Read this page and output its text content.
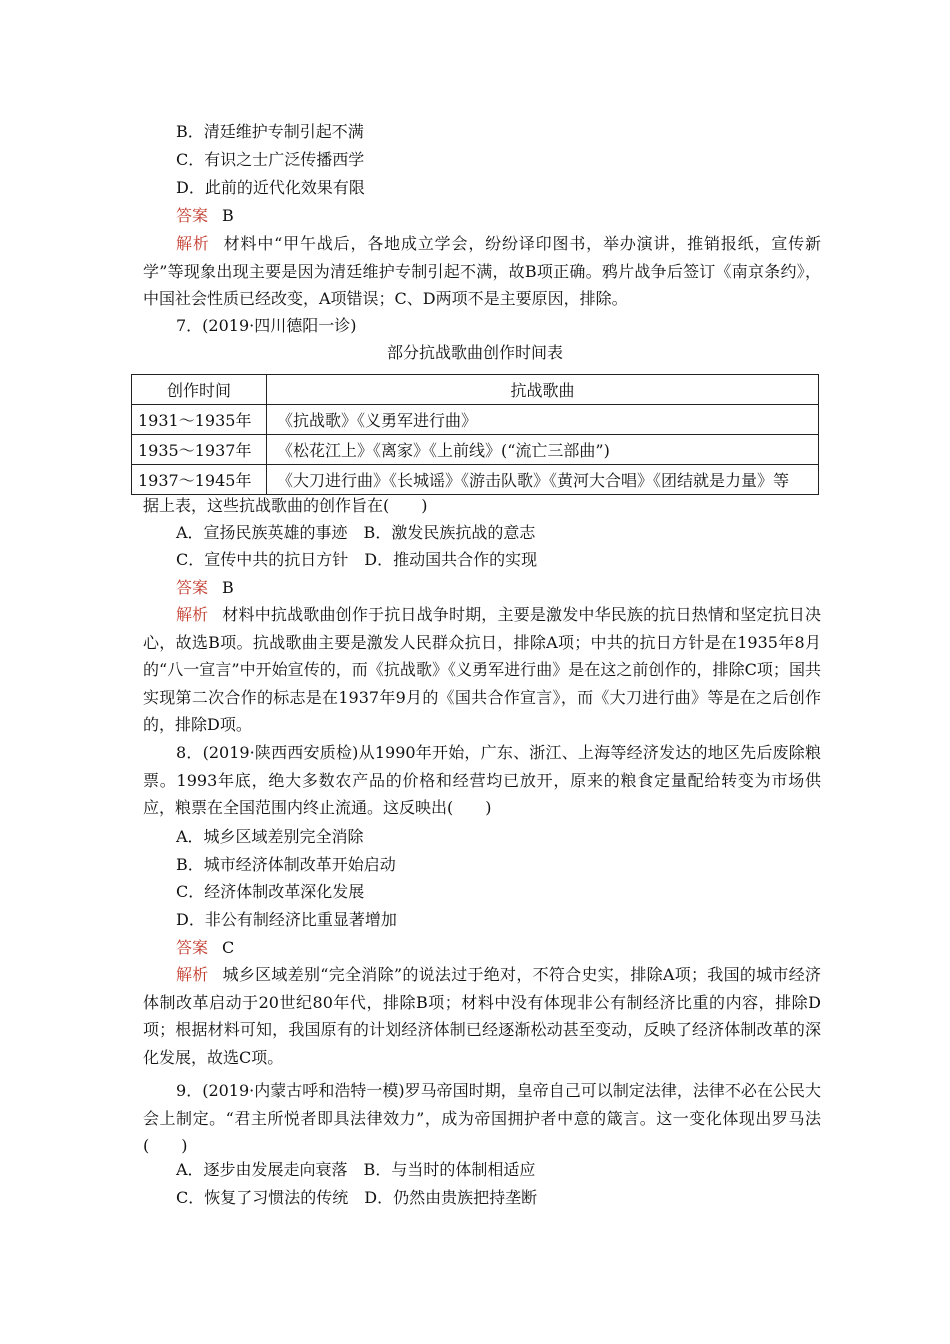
B．清廷维护专制引起不满
C．有识之士广泛传播西学
D．此前的近代化效果有限
答案 B
解析 材料中“甲午战后，各地成立学会，纷纷译印图书，举办演讲，推销报纸，宣传新学”等现象出现主要是因为清廷维护专制引起不满，故B项正确。鸦片战争后签订《南京条约》，中国社会性质已经改变，A项错误；C、D两项不是主要原因，排除。
7．(2019·四川德阳一诊)
部分抗战歌曲创作时间表
创作时间	抗战歌曲
1931～1935年	《抗战歌》《义勇军进行曲》
1935～1937年	《松花江上》《离家》《上前线》(“流亡三部曲”)
1937～1945年	《大刀进行曲》《长城谣》《游击队歌》《黄河大合唱》《团结就是力量》等
据上表，这些抗战歌曲的创作旨在(　　)
A．宣扬民族英雄的事迹　B．激发民族抗战的意志
C．宣传中共的抗日方针　D．推动国共合作的实现
答案 B
解析 材料中抗战歌曲创作于抗日战争时期，主要是激发中华民族的抗日热情和坚定抗日决心，故选B项。抗战歌曲主要是激发人民群众抗日，排除A项；中共的抗日方针是在1935年8月的“八一宣言”中开始宣传的，而《抗战歌》《义勇军进行曲》是在这之前创作的，排除C项；国共实现第二次合作的标志是在1937年9月的《国共合作宣言》，而《大刀进行曲》等是在之后创作的，排除D项。
8．(2019·陕西西安质检)从1990年开始，广东、浙江、上海等经济发达的地区先后废除粮票。1993年底，绝大多数农产品的价格和经营均已放开，原来的粮食定量配给转变为市场供应，粮票在全国范围内终止流通。这反映出(　　)
A．城乡区域差别完全消除
B．城市经济体制改革开始启动
C．经济体制改革深化发展
D．非公有制经济比重显著增加
答案 C
解析 城乡区域差别“完全消除”的说法过于绝对，不符合史实，排除A项；我国的城市经济体制改革启动于20世纪80年代，排除B项；材料中没有体现非公有制经济比重的内容，排除D项；根据材料可知，我国原有的计划经济体制已经逐渐松动甚至变动，反映了经济体制改革的深化发展，故选C项。
9．(2019·内蒙古呼和浩特一模)罗马帝国时期，皇帝自己可以制定法律，法律不必在公民大会上制定。“君主所悦者即具法律效力”，成为帝国拥护者中意的箴言。这一变化体现出罗马法(　　)
A．逐步由发展走向衰落　B．与当时的体制相适应
C．恢复了习惯法的传统　D．仍然由贵族把持垄断
